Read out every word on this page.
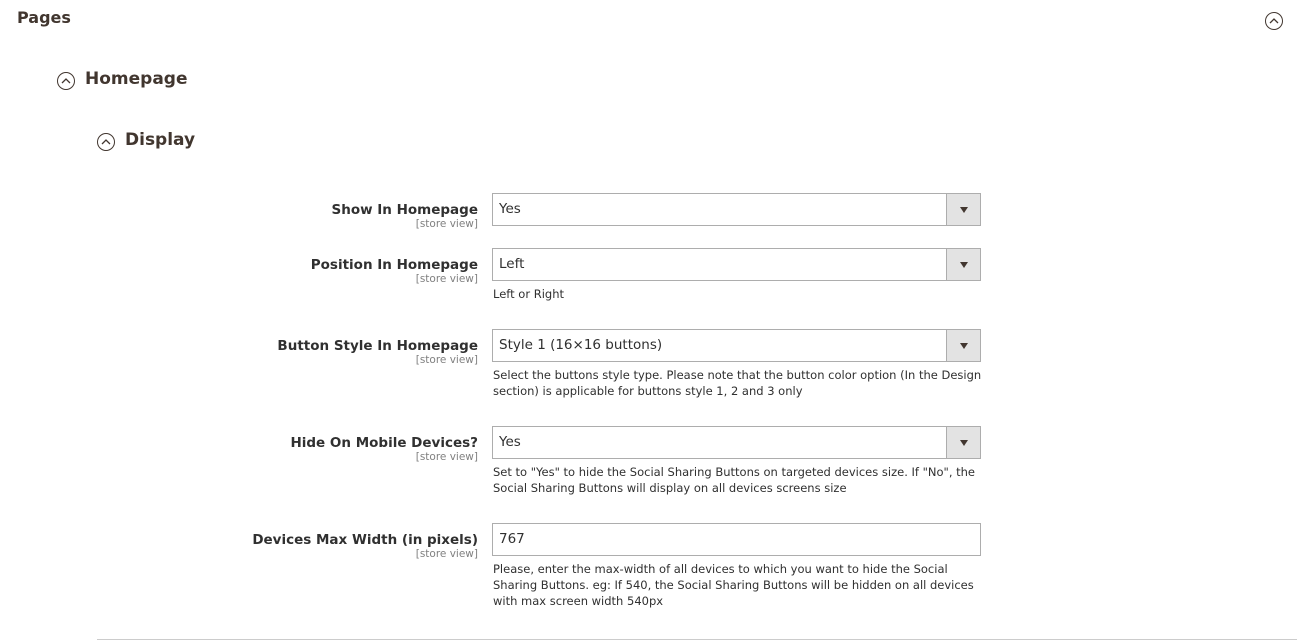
Pages
Homepage
Display
Show In Homepage
[store view]
Yes
Position In Homepage
[store view]
Left
Left or Right
Button Style In Homepage
[store view]
Style 1 (16×16 buttons)
Select the buttons style type. Please note that the button color option (In the Design section) is applicable for buttons style 1, 2 and 3 only
Hide On Mobile Devices?
[store view]
Yes
Set to "Yes" to hide the Social Sharing Buttons on targeted devices size. If "No", the Social Sharing Buttons will display on all devices screens size
Devices Max Width (in pixels)
[store view]
767
Please, enter the max-width of all devices to which you want to hide the Social Sharing Buttons. eg: If 540, the Social Sharing Buttons will be hidden on all devices with max screen width 540px
